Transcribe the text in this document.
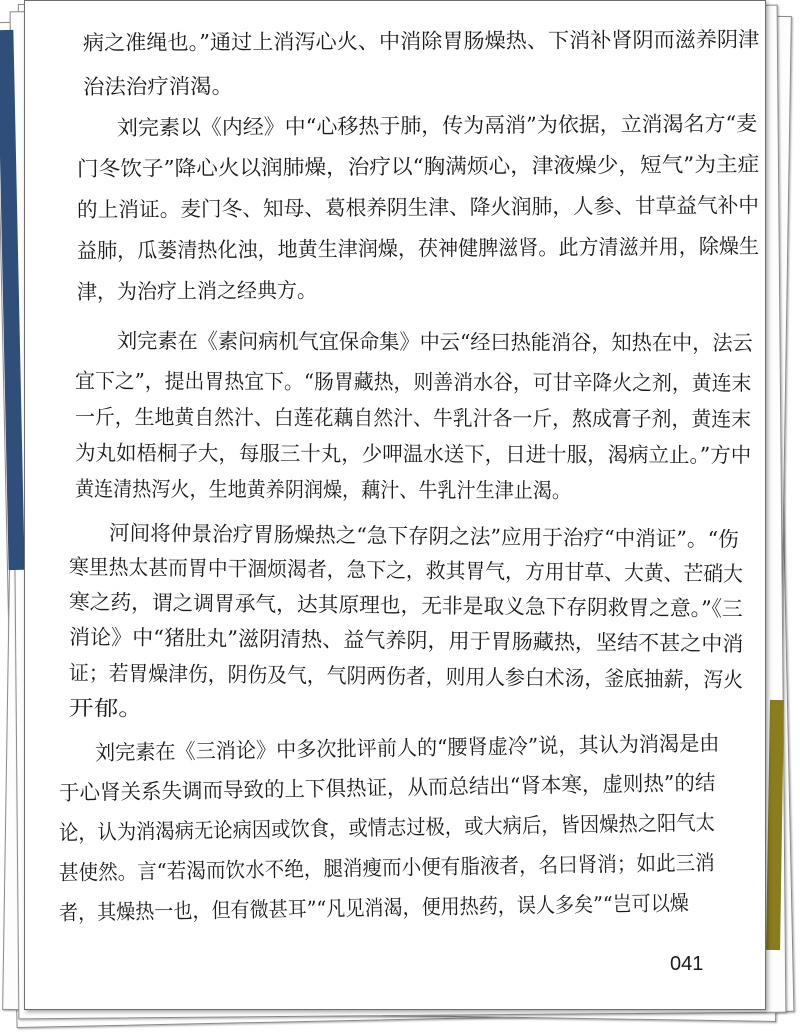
病之准绳也。”通过上消泻心火、中消除胃肠燥热、下消补肾阴而滋养阴津
治法治疗消渴。
刘完素以《内经》中“心移热于肺，传为鬲消”为依据，立消渴名方“麦
门冬饮子”降心火以润肺燥，治疗以“胸满烦心，津液燥少，短气”为主症
的上消证。麦门冬、知母、葛根养阴生津、降火润肺，人参、甘草益气补中
益肺，瓜蒌清热化浊，地黄生津润燥，茯神健脾滋肾。此方清滋并用，除燥生
津，为治疗上消之经典方。
刘完素在《素问病机气宜保命集》中云“经曰热能消谷，知热在中，法云
宜下之”，提出胃热宜下。“肠胃藏热，则善消水谷，可甘辛降火之剂，黄连末
一斤，生地黄自然汁、白莲花藕自然汁、牛乳汁各一斤，熬成膏子剂，黄连末
为丸如梧桐子大，每服三十丸，少呷温水送下，日进十服，渴病立止。”方中
黄连清热泻火，生地黄养阴润燥，藕汁、牛乳汁生津止渴。
河间将仲景治疗胃肠燥热之“急下存阴之法”应用于治疗“中消证”。“伤
寒里热太甚而胃中干涸烦渴者，急下之，救其胃气，方用甘草、大黄、芒硝大
寒之药，谓之调胃承气，达其原理也，无非是取义急下存阴救胃之意。”《三
消论》中“猪肚丸”滋阴清热、益气养阴，用于胃肠藏热，坚结不甚之中消
证；若胃燥津伤，阴伤及气，气阴两伤者，则用人参白术汤，釜底抽薪，泻火
开郁。
刘完素在《三消论》中多次批评前人的“腰肾虚冷”说，其认为消渴是由
于心肾关系失调而导致的上下俱热证，从而总结出“肾本寒，虚则热”的结
论，认为消渴病无论病因或饮食，或情志过极，或大病后，皆因燥热之阳气太
甚使然。言“若渴而饮水不绝，腿消瘦而小便有脂液者，名曰肾消；如此三消
者，其燥热一也，但有微甚耳”“凡见消渴，便用热药，误人多矣”“岂可以燥
041
